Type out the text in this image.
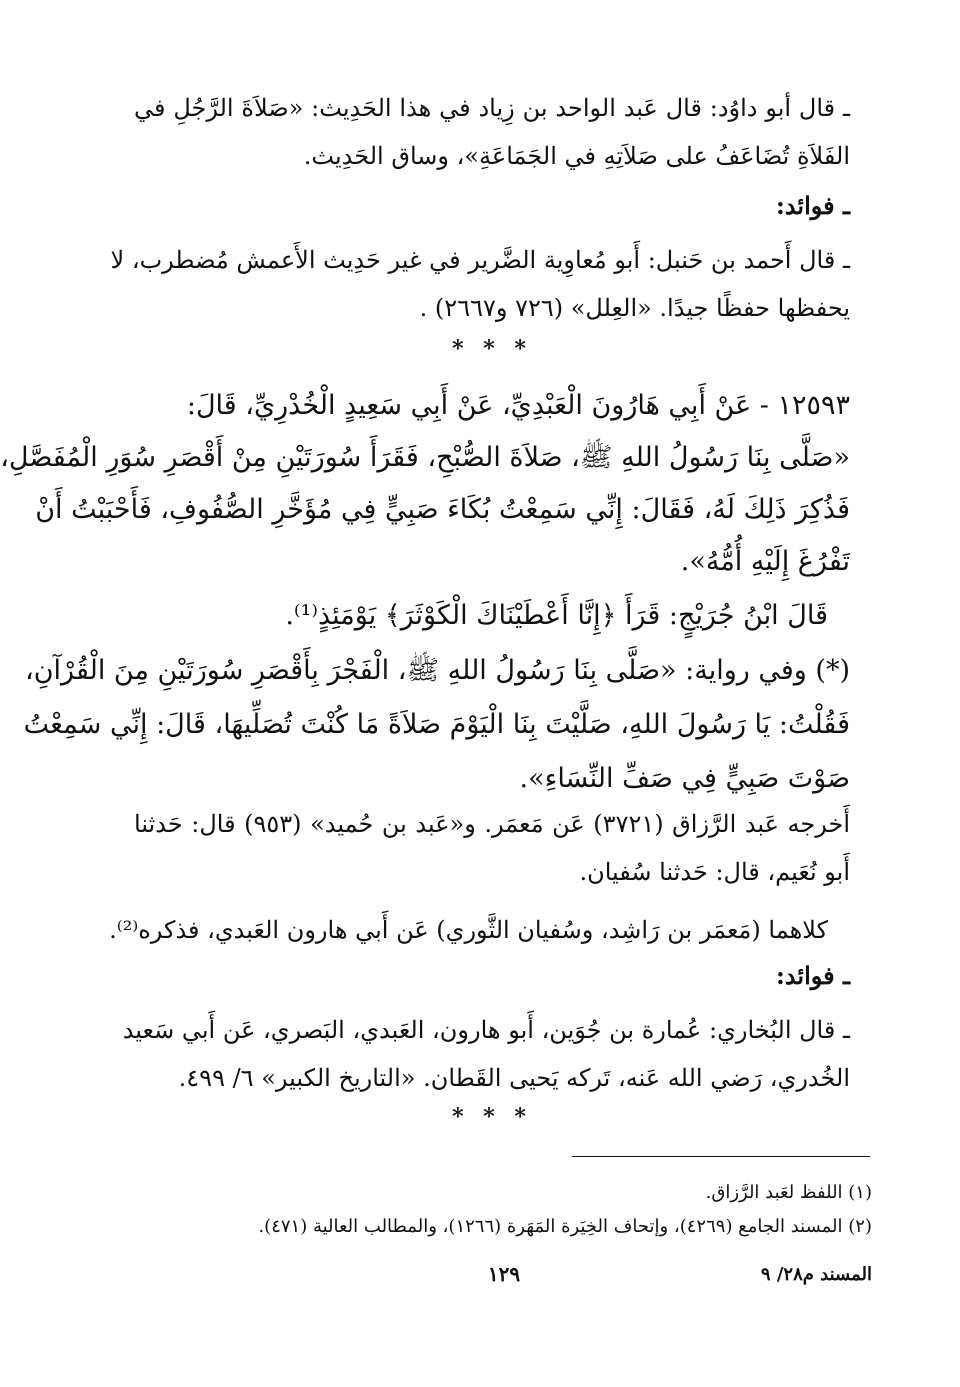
ـ قال أبو داوُد: قال عَبد الواحد بن زِياد في هذا الحَدِيث: «صَلاَةَ الرَّجُلِ في
الفَلاَةِ تُضَاعَفُ على صَلاَتِهِ في الجَمَاعَةِ»، وساق الحَدِيث.
ـ فوائد:
ـ قال أَحمد بن حَنبل: أَبو مُعاوِية الضَّرير في غير حَدِيث الأَعمش مُضطرب، لا
يحفظها حفظًا جيدًا. «العِلل» (٧٢٦ و٢٦٦٧) .
* * *
١٢٥٩٣ - عَنْ أَبِي هَارُونَ الْعَبْدِيِّ، عَنْ أَبِي سَعِيدٍ الْخُدْرِيِّ، قَالَ:
«صَلَّى بِنَا رَسُولُ اللهِ ﷺ، صَلاَةَ الصُّبْحِ، فَقَرَأَ سُورَتَيْنِ مِنْ أَقْصَرِ سُوَرِ الْمُفَصَّلِ،
فَذُكِرَ ذَلِكَ لَهُ، فَقَالَ: إِنِّي سَمِعْتُ بُكَاءَ صَبِيٍّ فِي مُؤَخَّرِ الصُّفُوفِ، فَأَحْبَبْتُ أَنْ
تَفْرُغَ إِلَيْهِ أُمُّهُ».
قَالَ ابْنُ جُرَيْجٍ: قَرَأَ ﴿إِنَّا أَعْطَيْنَاكَ الْكَوْثَرَ﴾ يَوْمَئِذٍ⁽¹⁾.
(*) وفي رواية: «صَلَّى بِنَا رَسُولُ اللهِ ﷺ، الْفَجْرَ بِأَقْصَرِ سُورَتَيْنِ مِنَ الْقُرْآنِ،
فَقُلْتُ: يَا رَسُولَ اللهِ، صَلَّيْتَ بِنَا الْيَوْمَ صَلاَةً مَا كُنْتَ تُصَلِّيهَا، قَالَ: إِنِّي سَمِعْتُ
صَوْتَ صَبِيٍّ فِي صَفِّ النِّسَاءِ».
أَخرجه عَبد الرَّزاق (٣٧٢١) عَن مَعمَر. و«عَبد بن حُميد» (٩٥٣) قال: حَدثنا
أَبو نُعَيم، قال: حَدثنا سُفيان.
كلاهما (مَعمَر بن رَاشِد، وسُفيان الثَّوري) عَن أَبي هارون العَبدي، فذكره⁽²⁾.
ـ فوائد:
ـ قال البُخاري: عُمارة بن جُوَين، أَبو هارون، العَبدي، البَصري، عَن أَبي سَعيد
الخُدري، رَضي الله عَنه، تَركه يَحيى القَطان. «التاريخ الكبير» ٦/ ٤٩٩.
* * *
(١) اللفظ لعَبد الرَّزاق.
(٢) المسند الجامع (٤٢٦٩)، وإتحاف الخِيَرة المَهَرة (١٢٦٦)، والمطالب العالية (٤٧١).
١٢٩	المسند م٢٨/ ٩
